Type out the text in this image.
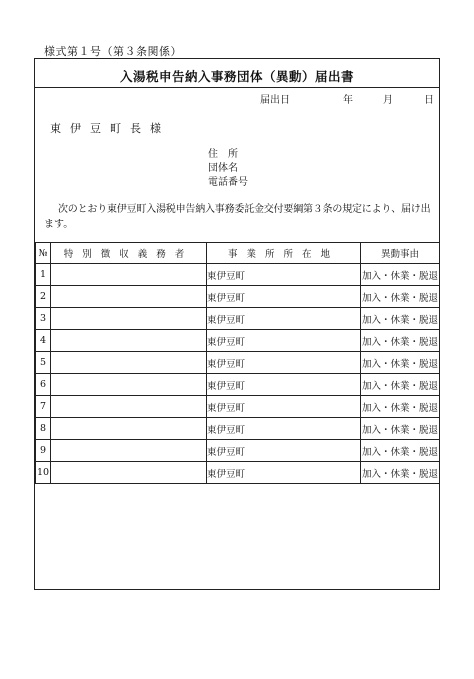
様式第１号（第３条関係）
入湯税申告納入事務団体（異動）届出書
届出日	年	月	日
東伊豆町長様
住　所
団体名
電話番号
次のとおり東伊豆町入湯税申告納入事務委託金交付要綱第３条の規定により、届け出
ます。
№	特別徴収義務者	事業所所在地	異動事由
1		東伊豆町	加入・休業・脱退
2		東伊豆町	加入・休業・脱退
3		東伊豆町	加入・休業・脱退
4		東伊豆町	加入・休業・脱退
5		東伊豆町	加入・休業・脱退
6		東伊豆町	加入・休業・脱退
7		東伊豆町	加入・休業・脱退
8		東伊豆町	加入・休業・脱退
9		東伊豆町	加入・休業・脱退
10		東伊豆町	加入・休業・脱退
